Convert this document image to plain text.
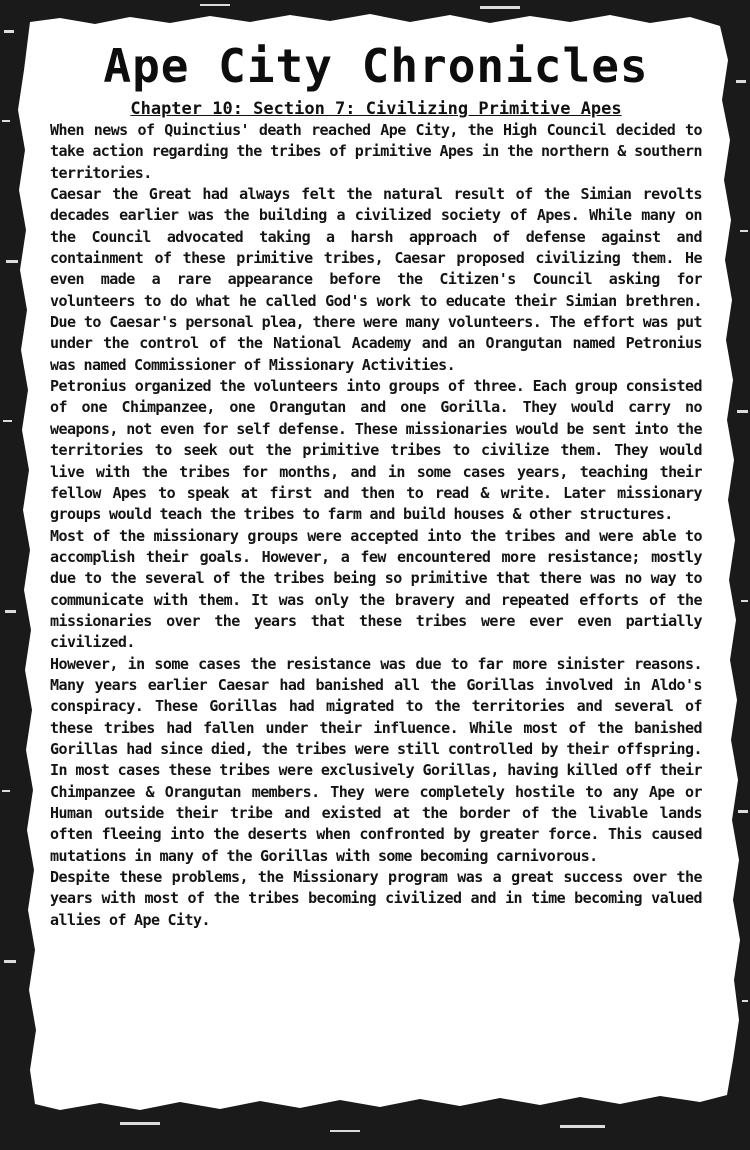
Ape City Chronicles
Chapter 10: Section 7: Civilizing Primitive Apes

When news of Quinctius' death reached Ape City, the High Council decided to take action regarding the tribes of primitive Apes in the northern & southern territories.

Caesar the Great had always felt the natural result of the Simian revolts decades earlier was the building a civilized society of Apes. While many on the Council advocated taking a harsh approach of defense against and containment of these primitive tribes, Caesar proposed civilizing them. He even made a rare appearance before the Citizen's Council asking for volunteers to do what he called God's work to educate their Simian brethren. Due to Caesar's personal plea, there were many volunteers. The effort was put under the control of the National Academy and an Orangutan named Petronius was named Commissioner of Missionary Activities.

Petronius organized the volunteers into groups of three. Each group consisted of one Chimpanzee, one Orangutan and one Gorilla. They would carry no weapons, not even for self defense. These missionaries would be sent into the territories to seek out the primitive tribes to civilize them. They would live with the tribes for months, and in some cases years, teaching their fellow Apes to speak at first and then to read & write. Later missionary groups would teach the tribes to farm and build houses & other structures.

Most of the missionary groups were accepted into the tribes and were able to accomplish their goals. However, a few encountered more resistance; mostly due to the several of the tribes being so primitive that there was no way to communicate with them. It was only the bravery and repeated efforts of the missionaries over the years that these tribes were ever even partially civilized.

However, in some cases the resistance was due to far more sinister reasons. Many years earlier Caesar had banished all the Gorillas involved in Aldo's conspiracy. These Gorillas had migrated to the territories and several of these tribes had fallen under their influence. While most of the banished Gorillas had since died, the tribes were still controlled by their offspring. In most cases these tribes were exclusively Gorillas, having killed off their Chimpanzee & Orangutan members. They were completely hostile to any Ape or Human outside their tribe and existed at the border of the livable lands often fleeing into the deserts when confronted by greater force. This caused mutations in many of the Gorillas with some becoming carnivorous.

Despite these problems, the Missionary program was a great success over the years with most of the tribes becoming civilized and in time becoming valued allies of Ape City.
